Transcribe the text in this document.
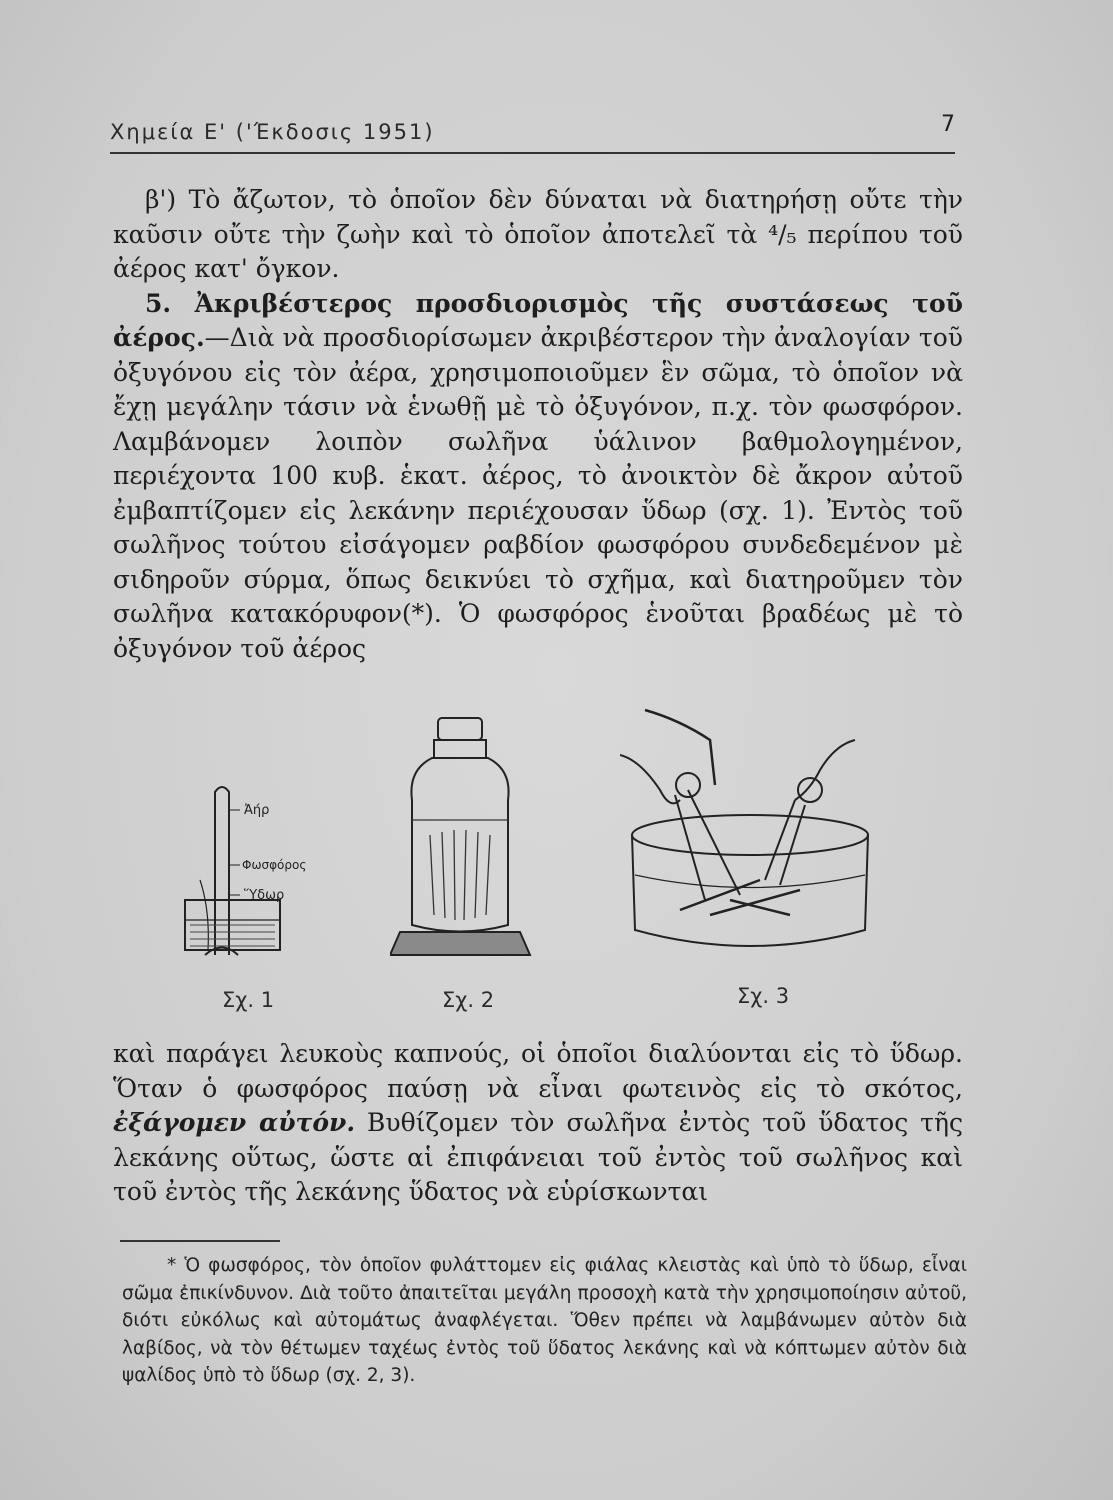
Χημεία Ε' ('Έκδοσις 1951)	7

β') Τὸ ἄζωτον, τὸ ὁποῖον δὲν δύναται νὰ διατηρήσῃ οὔτε τὴν καῦσιν οὔτε τὴν ζωὴν καὶ τὸ ὁποῖον ἀποτελεῖ τὰ ⁴/₅ περίπου τοῦ ἀέρος κατ' ὄγκον.

5. Ἀκριβέστερος προσδιορισμὸς τῆς συστάσεως τοῦ ἀέρος.—Διὰ νὰ προσδιορίσωμεν ἀκριβέστερον τὴν ἀναλογίαν τοῦ ὀξυγόνου εἰς τὸν ἀέρα, χρησιμοποιοῦμεν ἓν σῶμα, τὸ ὁποῖον νὰ ἔχῃ μεγάλην τάσιν νὰ ἑνωθῇ μὲ τὸ ὀξυγόνον, π.χ. τὸν φωσφόρον. Λαμβάνομεν λοιπὸν σωλῆνα ὑάλινον βαθμολογημένον, περιέχοντα 100 κυβ. ἑκατ. ἀέρος, τὸ ἀνοικτὸν δὲ ἄκρον αὐτοῦ ἐμβαπτίζομεν εἰς λεκάνην περιέχουσαν ὕδωρ (σχ. 1). Ἐντὸς τοῦ σωλῆνος τούτου εἰσάγομεν ραβδίον φωσφόρου συνδεδεμένον μὲ σιδηροῦν σύρμα, ὅπως δεικνύει τὸ σχῆμα, καὶ διατηροῦμεν τὸν σωλῆνα κατακόρυφον(*). Ὁ φωσφόρος ἑνοῦται βραδέως μὲ τὸ ὀξυγόνον τοῦ ἀέρος

Ἀήρ
Φωσφόρος
Ὕδωρ
Σχ. 1	Σχ. 2	Σχ. 3

καὶ παράγει λευκοὺς καπνούς, οἱ ὁποῖοι διαλύονται εἰς τὸ ὕδωρ. Ὅταν ὁ φωσφόρος παύσῃ νὰ εἶναι φωτεινὸς εἰς τὸ σκότος, ἐξάγομεν αὐτόν. Βυθίζομεν τὸν σωλῆνα ἐντὸς τοῦ ὕδατος τῆς λεκάνης οὕτως, ὥστε αἱ ἐπιφάνειαι τοῦ ἐντὸς τοῦ σωλῆνος καὶ τοῦ ἐντὸς τῆς λεκάνης ὕδατος νὰ εὑρίσκωνται

* Ὁ φωσφόρος, τὸν ὁποῖον φυλάττομεν εἰς φιάλας κλειστὰς καὶ ὑπὸ τὸ ὕδωρ, εἶναι σῶμα ἐπικίνδυνον. Διὰ τοῦτο ἀπαιτεῖται μεγάλη προσοχὴ κατὰ τὴν χρησιμοποίησιν αὐτοῦ, διότι εὐκόλως καὶ αὐτομάτως ἀναφλέγεται. Ὅθεν πρέπει νὰ λαμβάνωμεν αὐτὸν διὰ λαβίδος, νὰ τὸν θέτωμεν ταχέως ἐντὸς τοῦ ὕδατος λεκάνης καὶ νὰ κόπτωμεν αὐτὸν διὰ ψαλίδος ὑπὸ τὸ ὕδωρ (σχ. 2, 3).
